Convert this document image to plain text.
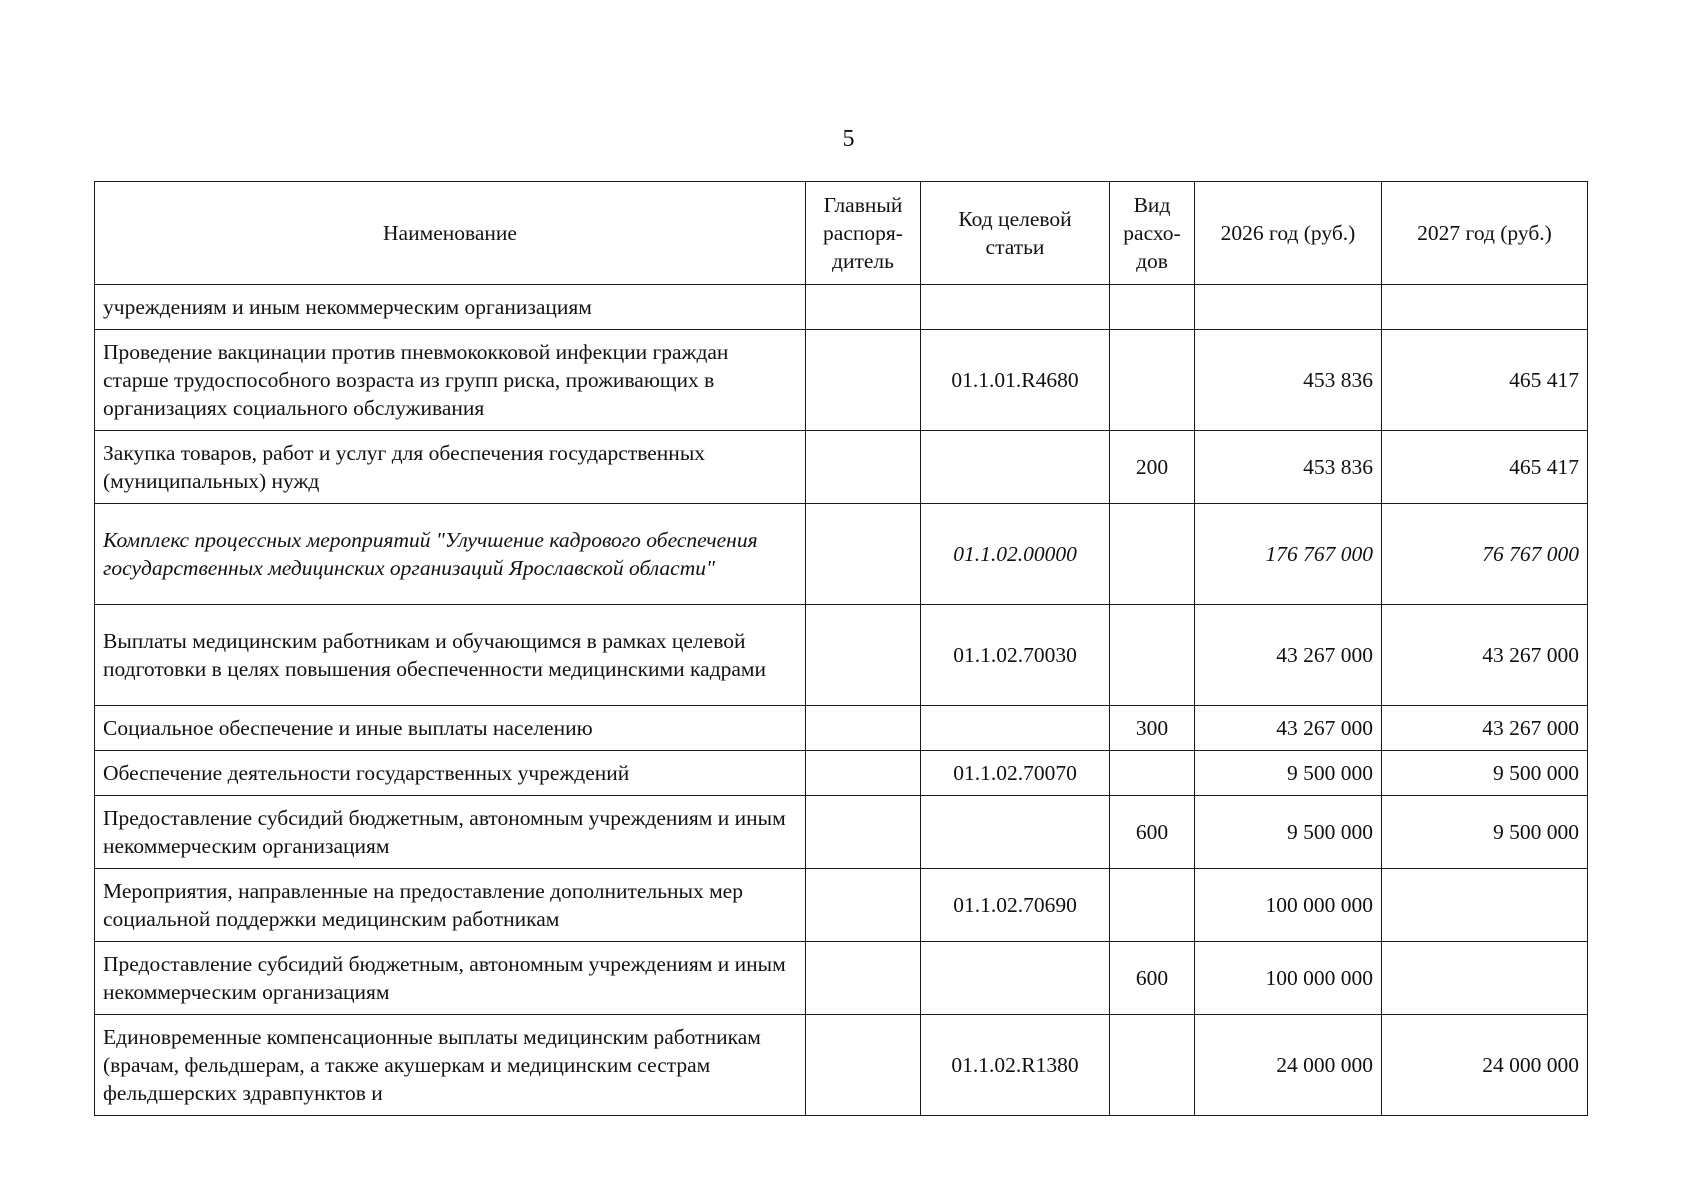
5
Наименование	Главный распоря-дитель	Код целевой статьи	Вид расхо-дов	2026 год (руб.)	2027 год (руб.)
учреждениям и иным некоммерческим организациям					
Проведение вакцинации против пневмококковой инфекции граждан старше трудоспособного возраста из групп риска, проживающих в организациях социального обслуживания		01.1.01.R4680		453 836	465 417
Закупка товаров, работ и услуг для обеспечения государственных (муниципальных) нужд			200	453 836	465 417
Комплекс процессных мероприятий "Улучшение кадрового обеспечения государственных медицинских организаций Ярославской области"		01.1.02.00000		176 767 000	76 767 000
Выплаты медицинским работникам и обучающимся в рамках целевой подготовки в целях повышения обеспеченности медицинскими кадрами		01.1.02.70030		43 267 000	43 267 000
Социальное обеспечение и иные выплаты населению			300	43 267 000	43 267 000
Обеспечение деятельности государственных учреждений		01.1.02.70070		9 500 000	9 500 000
Предоставление субсидий бюджетным, автономным учреждениям и иным некоммерческим организациям			600	9 500 000	9 500 000
Мероприятия, направленные на предоставление дополнительных мер социальной поддержки медицинским работникам		01.1.02.70690		100 000 000	
Предоставление субсидий бюджетным, автономным учреждениям и иным некоммерческим организациям			600	100 000 000	
Единовременные компенсационные выплаты медицинским работникам (врачам, фельдшерам, а также акушеркам и медицинским сестрам фельдшерских здравпунктов и		01.1.02.R1380		24 000 000	24 000 000
